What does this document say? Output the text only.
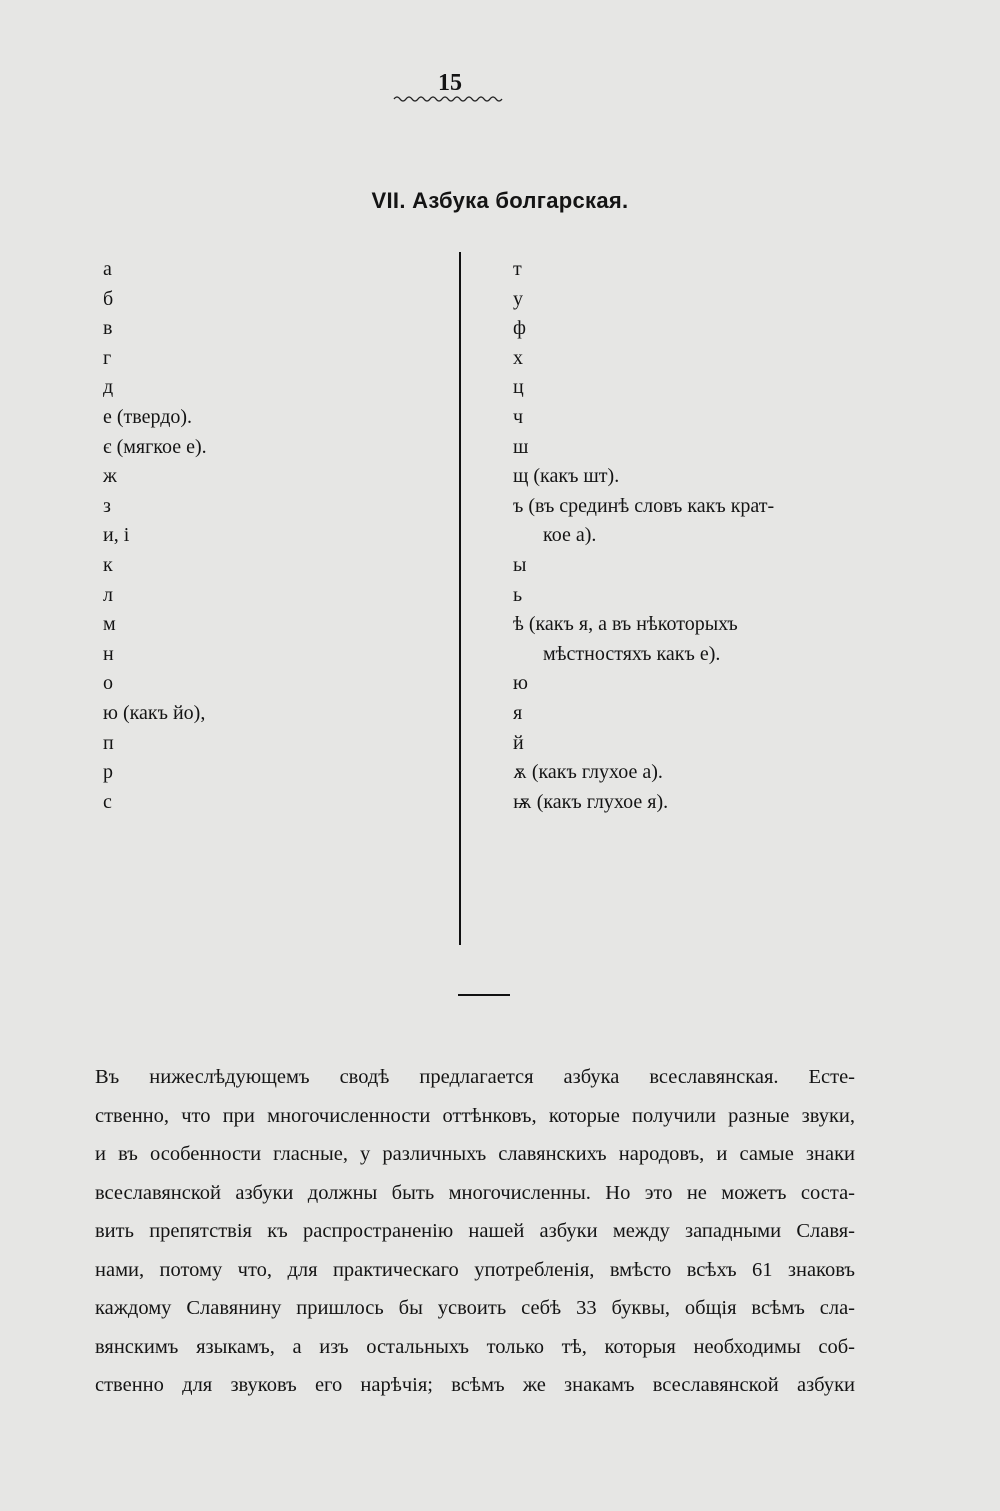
15
VII. Азбука болгарская.
а
б
в
г
д
е (твердо).
є (мягкое е).
ж
з
и, і
к
л
м
н
о
ю (какъ йо),
п
р
с
т
у
ф
х
ц
ч
ш
щ (какъ шт).
ъ (въ срединѣ словъ какъ крат-
кое а).
ы
ь
ѣ (какъ я, а въ нѣкоторыхъ
мѣстностяхъ какъ е).
ю
я
й
ѫ (какъ глухое а).
ѭ (какъ глухое я).
Въ нижеслѣдующемъ сводѣ предлагается азбука всеславянская. Есте-
ственно, что при многочисленности оттѣнковъ, которые получили разные звуки,
и въ особенности гласные, у различныхъ славянскихъ народовъ, и самые знаки
всеславянской азбуки должны быть многочисленны. Но это не можетъ соста-
вить препятствія къ распространенію нашей азбуки между западными Славя-
нами, потому что, для практическаго употребленія, вмѣсто всѣхъ 61 знаковъ
каждому Славянину пришлось бы усвоить себѣ 33 буквы, общія всѣмъ сла-
вянскимъ языкамъ, а изъ остальныхъ только тѣ, которыя необходимы соб-
ственно для звуковъ его нарѣчія; всѣмъ же знакамъ всеславянской азбуки
